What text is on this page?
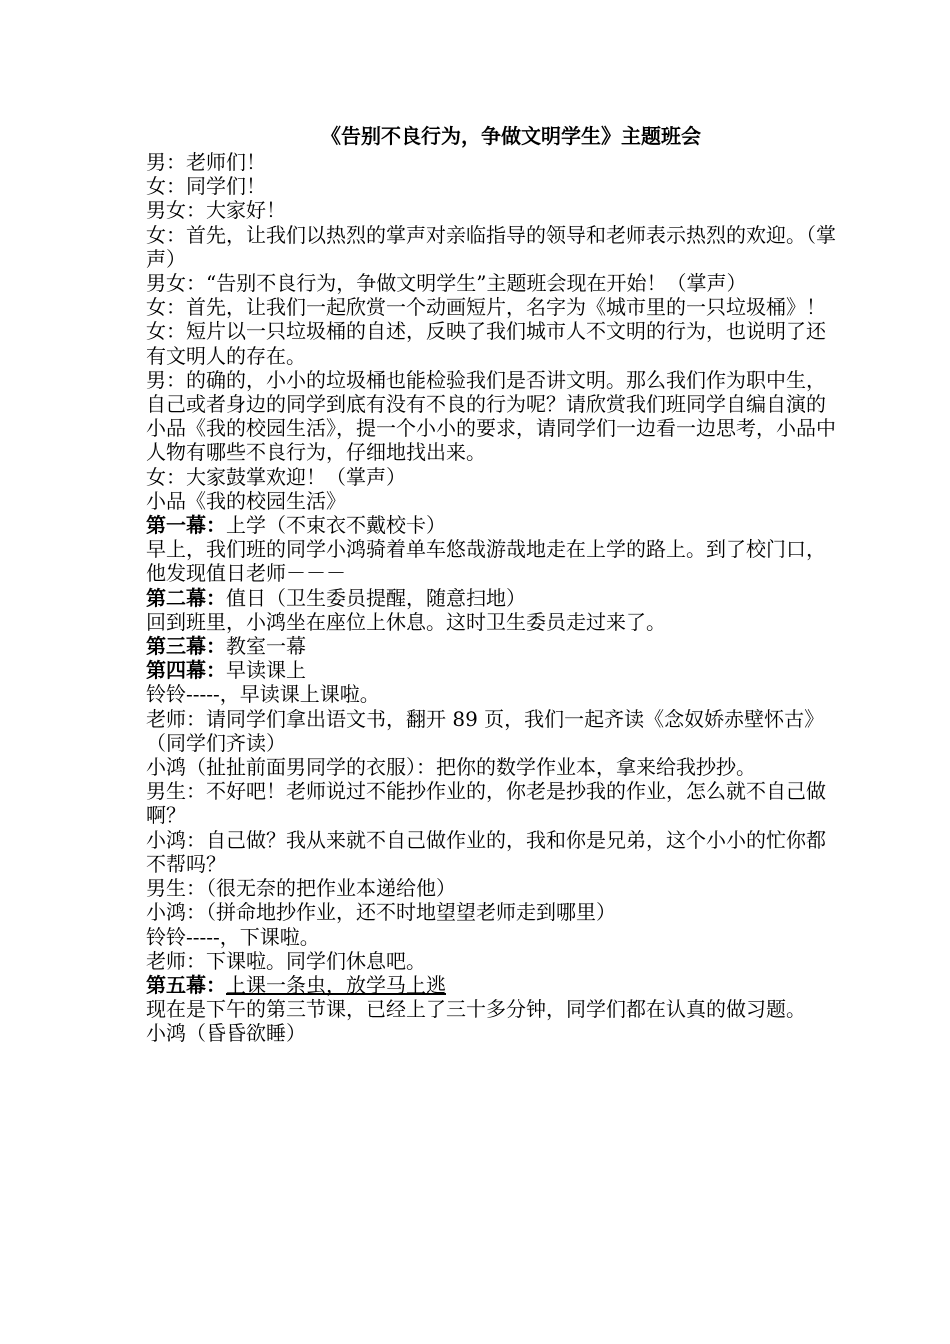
《告别不良行为，争做文明学生》主题班会

男：老师们！

女：同学们！

男女：大家好！

女：首先，让我们以热烈的掌声对亲临指导的领导和老师表示热烈的欢迎。（掌声）

男女：“告别不良行为，争做文明学生”主题班会现在开始！（掌声）

女：首先，让我们一起欣赏一个动画短片，名字为《城市里的一只垃圾桶》！

女：短片以一只垃圾桶的自述，反映了我们城市人不文明的行为，也说明了还有文明人的存在。

男：的确的，小小的垃圾桶也能检验我们是否讲文明。那么我们作为职中生，自己或者身边的同学到底有没有不良的行为呢？请欣赏我们班同学自编自演的小品《我的校园生活》，提一个小小的要求，请同学们一边看一边思考，小品中人物有哪些不良行为，仔细地找出来。

女：大家鼓掌欢迎！（掌声）

小品《我的校园生活》

第一幕：上学（不束衣不戴校卡）

早上，我们班的同学小鸿骑着单车悠哉游哉地走在上学的路上。到了校门口，他发现值日老师－－－

第二幕：值日（卫生委员提醒，随意扫地）

回到班里，小鸿坐在座位上休息。这时卫生委员走过来了。

第三幕：教室一幕

第四幕：早读课上

铃铃-----，早读课上课啦。

老师：请同学们拿出语文书，翻开 89 页，我们一起齐读《念奴娇赤壁怀古》

（同学们齐读）

小鸿（扯扯前面男同学的衣服）：把你的数学作业本，拿来给我抄抄。

男生：不好吧！老师说过不能抄作业的，你老是抄我的作业，怎么就不自己做啊？

小鸿：自己做？我从来就不自己做作业的，我和你是兄弟，这个小小的忙你都不帮吗？

男生：（很无奈的把作业本递给他）

小鸿：（拼命地抄作业，还不时地望望老师走到哪里）

铃铃-----，下课啦。

老师：下课啦。同学们休息吧。

第五幕：上课一条虫，放学马上逃

现在是下午的第三节课，已经上了三十多分钟，同学们都在认真的做习题。

小鸿（昏昏欲睡）
